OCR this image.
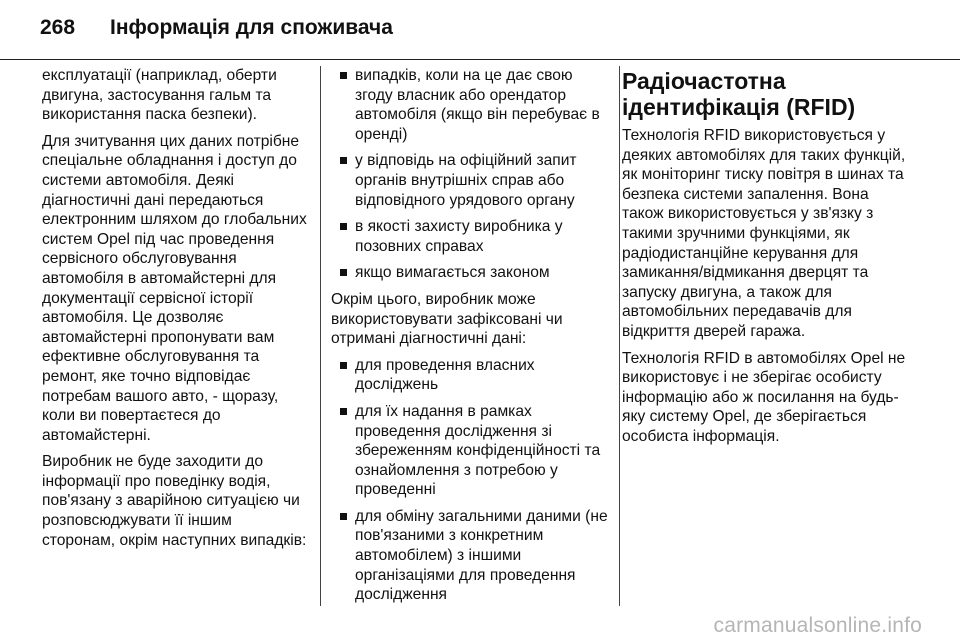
268	Інформація для споживача

експлуатації (наприклад, оберти двигуна, застосування гальм та використання паска безпеки).

Для зчитування цих даних потрібне спеціальне обладнання і доступ до системи автомобіля. Деякі діагностичні дані передаються електронним шляхом до глобальних систем Opel під час проведення сервісного обслуговування автомобіля в автомайстерні для документації сервісної історії автомобіля. Це дозволяє автомайстерні пропонувати вам ефективне обслуговування та ремонт, яке точно відповідає потребам вашого авто, - щоразу, коли ви повертаєтеся до автомайстерні.

Виробник не буде заходити до інформації про поведінку водія, пов'язану з аварійною ситуацією чи розповсюджувати її іншим сторонам, окрім наступних випадків:

випадків, коли на це дає свою згоду власник або орендатор автомобіля (якщо він перебуває в оренді)
у відповідь на офіційний запит органів внутрішніх справ або відповідного урядового органу
в якості захисту виробника у позовних справах
якщо вимагається законом

Окрім цього, виробник може використовувати зафіксовані чи отримані діагностичні дані:

для проведення власних досліджень
для їх надання в рамках проведення дослідження зі збереженням конфіденційності та ознайомлення з потребою у проведенні
для обміну загальними даними (не пов'язаними з конкретним автомобілем) з іншими організаціями для проведення дослідження
Радіочастотна ідентифікація (RFID)

Технологія RFID використовується у деяких автомобілях для таких функцій, як моніторинг тиску повітря в шинах та безпека системи запалення. Вона також використовується у зв'язку з такими зручними функціями, як радіодистанційне керування для замикання/відмикання дверцят та запуску двигуна, а також для автомобільних передавачів для відкриття дверей гаража.

Технологія RFID в автомобілях Opel не використовує і не зберігає особисту інформацію або ж посилання на будь-яку систему Opel, де зберігається особиста інформація.

carmanualsonline.info
